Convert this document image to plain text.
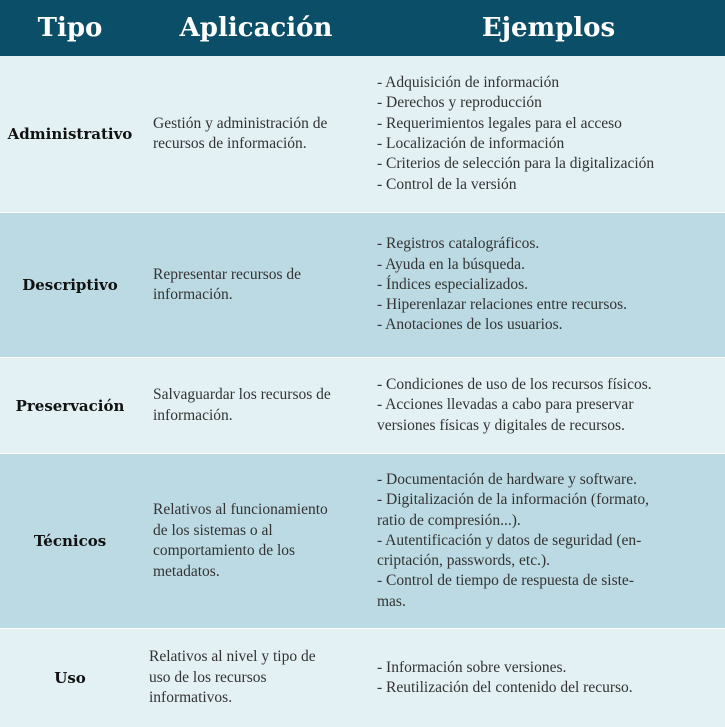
Tipo	Aplicación	Ejemplos
Administrativo
Gestión y administración de recursos de información.
- Adquisición de información
- Derechos y reproducción
- Requerimientos legales para el acceso
- Localización de información
- Criterios de selección para la digitalización
- Control de la versión
Descriptivo
Representar recursos de información.
- Registros catalográficos.
- Ayuda en la búsqueda.
- Índices especializados.
- Hiperenlazar relaciones entre recursos.
- Anotaciones de los usuarios.
Preservación
Salvaguardar los recursos de información.
- Condiciones de uso de los recursos físicos.
- Acciones llevadas a cabo para preservar
versiones físicas y digitales de recursos.
Técnicos
Relativos al funcionamiento de los sistemas o al comportamiento de los metadatos.
- Documentación de hardware y software.
- Digitalización de la información (formato,
ratio de compresión...).
- Autentificación y datos de seguridad (en-
criptación, passwords, etc.).
- Control de tiempo de respuesta de siste-
mas.
Uso
Relativos al nivel y tipo de uso de los recursos informativos.
- Información sobre versiones.
- Reutilización del contenido del recurso.
